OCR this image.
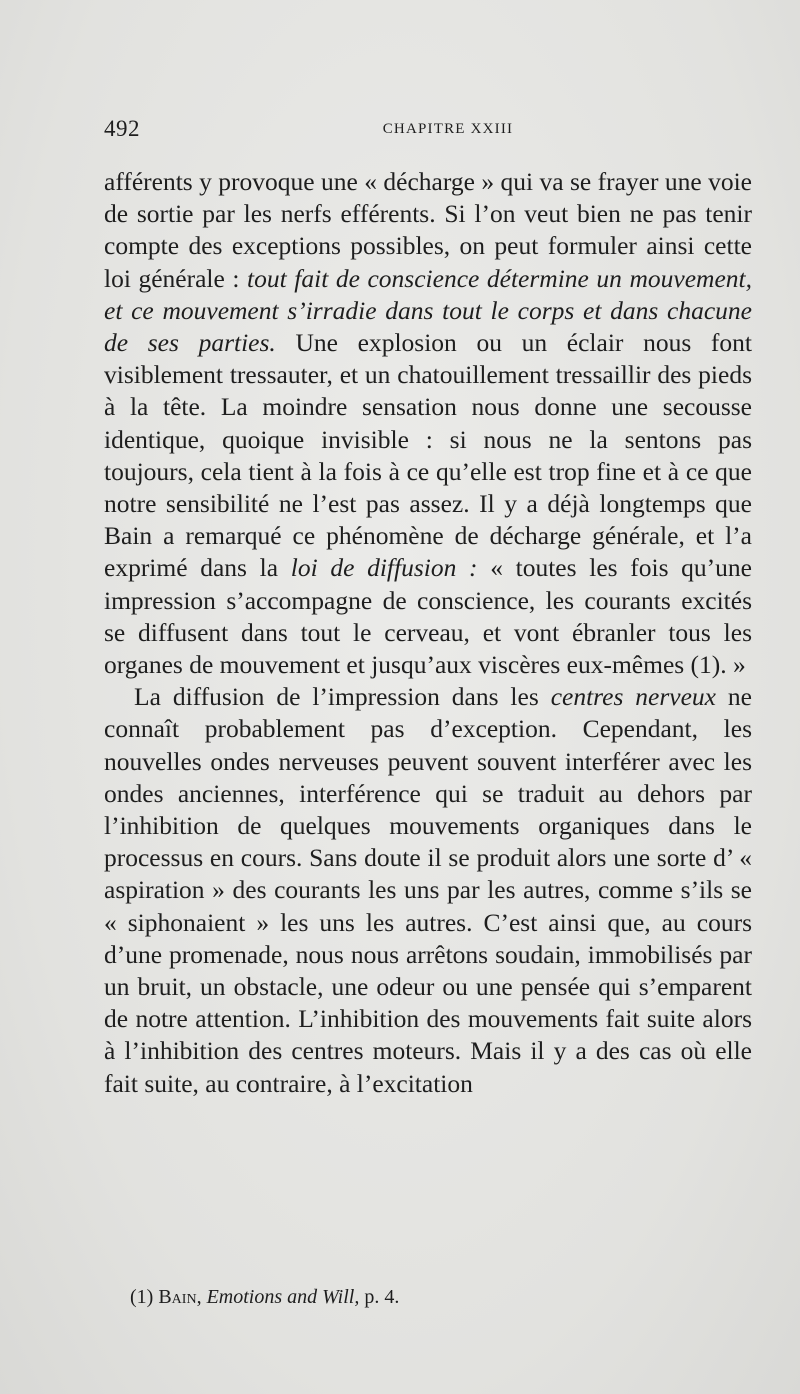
492	CHAPITRE XXIII

afférents y provoque une « décharge » qui va se frayer une voie de sortie par les nerfs efférents. Si l’on veut bien ne pas tenir compte des exceptions possibles, on peut formuler ainsi cette loi générale : tout fait de conscience détermine un mouvement, et ce mouvement s’irradie dans tout le corps et dans chacune de ses parties. Une explosion ou un éclair nous font visiblement tressauter, et un chatouillement tressaillir des pieds à la tête. La moindre sensation nous donne une secousse identique, quoique invisible : si nous ne la sentons pas toujours, cela tient à la fois à ce qu’elle est trop fine et à ce que notre sensibilité ne l’est pas assez. Il y a déjà longtemps que Bain a remarqué ce phénomène de décharge générale, et l’a exprimé dans la loi de diffusion : « toutes les fois qu’une impression s’accompagne de conscience, les courants excités se diffusent dans tout le cerveau, et vont ébranler tous les organes de mouvement et jusqu’aux viscères eux-mêmes (1). »

La diffusion de l’impression dans les centres nerveux ne connaît probablement pas d’exception. Cependant, les nouvelles ondes nerveuses peuvent souvent interférer avec les ondes anciennes, interférence qui se traduit au dehors par l’inhibition de quelques mouvements organiques dans le processus en cours. Sans doute il se produit alors une sorte d’ « aspiration » des courants les uns par les autres, comme s’ils se « siphonaient » les uns les autres. C’est ainsi que, au cours d’une promenade, nous nous arrêtons soudain, immobilisés par un bruit, un obstacle, une odeur ou une pensée qui s’emparent de notre attention. L’inhibition des mouvements fait suite alors à l’inhibition des centres moteurs. Mais il y a des cas où elle fait suite, au contraire, à l’excitation

(1) Bain, Emotions and Will, p. 4.
